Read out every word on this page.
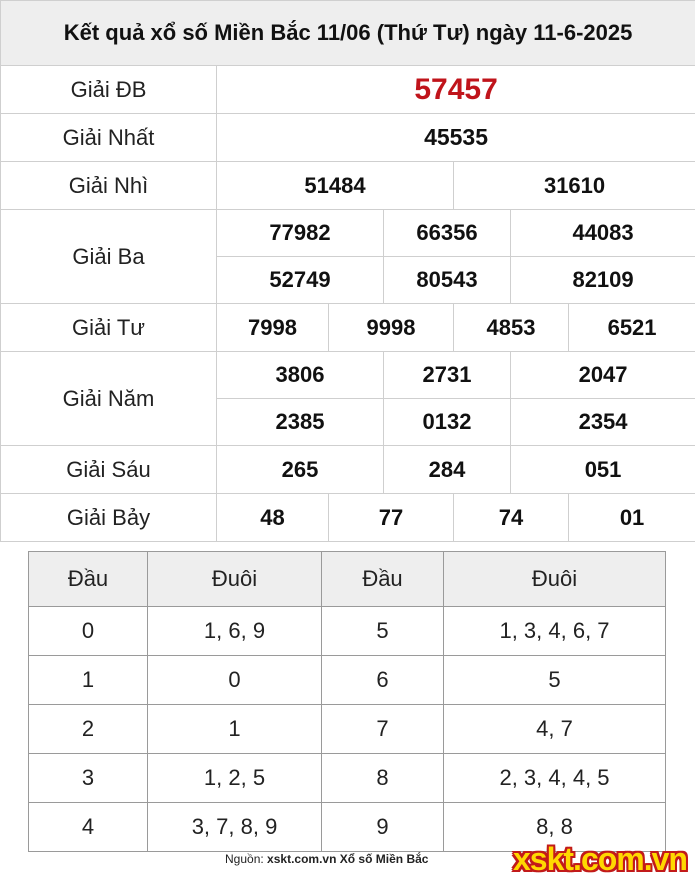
Kết quả xổ số Miền Bắc 11/06 (Thứ Tư) ngày 11-6-2025						
Giải ĐB	57457					
Giải Nhất	45535					
Giải Nhì	51484			31610		
Giải Ba	77982		66356		44083	
	52749		80543		82109	
Giải Tư	7998	9998		4853		6521
Giải Năm	3806		2731		2047	
	2385		0132		2354	
Giải Sáu	265		284		051	
Giải Bảy	48	77		74		01
Đầu	Đuôi	Đầu	Đuôi
0	1, 6, 9	5	1, 3, 4, 6, 7
1	0	6	5
2	1	7	4, 7
3	1, 2, 5	8	2, 3, 4, 4, 5
4	3, 7, 8, 9	9	8, 8
Nguồn: xskt.com.vn Xổ số Miền Bắc	xskt.com.vn
